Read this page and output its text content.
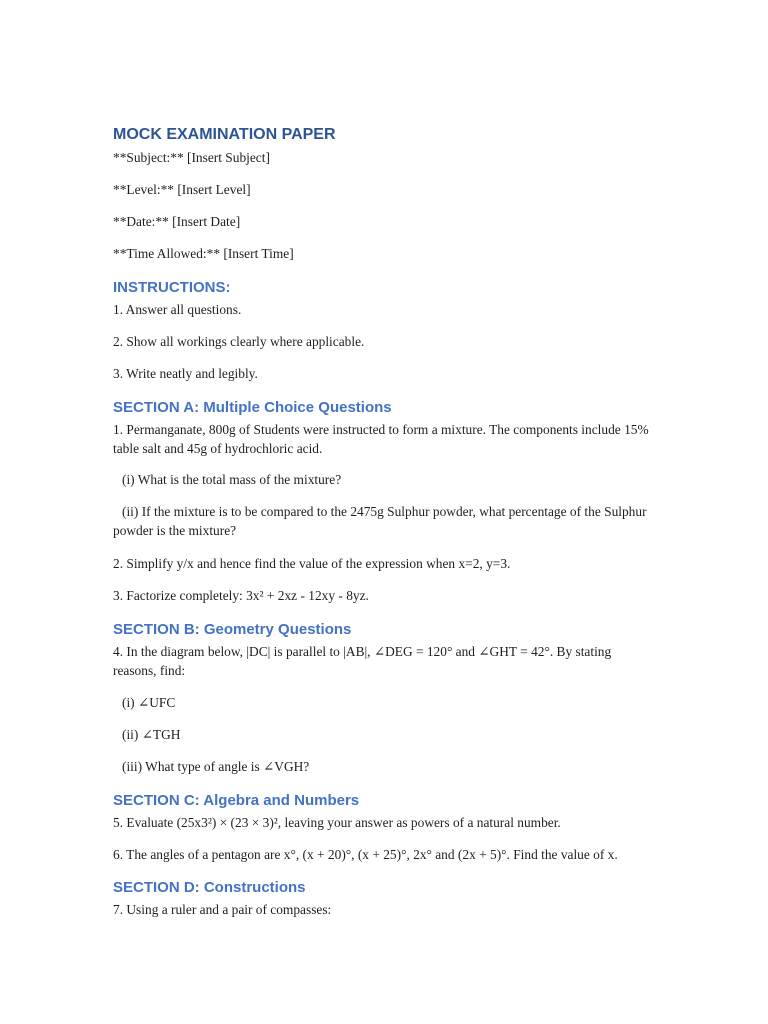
MOCK EXAMINATION PAPER

**Subject:** [Insert Subject]

**Level:** [Insert Level]

**Date:** [Insert Date]

**Time Allowed:** [Insert Time]

INSTRUCTIONS:

1. Answer all questions.

2. Show all workings clearly where applicable.

3. Write neatly and legibly.

SECTION A: Multiple Choice Questions

1. Permanganate, 800g of Students were instructed to form a mixture. The components include 15% table salt and 45g of hydrochloric acid.

(i) What is the total mass of the mixture?

(ii) If the mixture is to be compared to the 2475g Sulphur powder, what percentage of the Sulphur powder is the mixture?

2. Simplify y/x and hence find the value of the expression when x=2, y=3.

3. Factorize completely: 3x² + 2xz - 12xy - 8yz.

SECTION B: Geometry Questions

4. In the diagram below, |DC| is parallel to |AB|, ∠DEG = 120° and ∠GHT = 42°. By stating reasons, find:

(i) ∠UFC

(ii) ∠TGH

(iii) What type of angle is ∠VGH?

SECTION C: Algebra and Numbers

5. Evaluate (25x3²) × (23 × 3)², leaving your answer as powers of a natural number.

6. The angles of a pentagon are x°, (x + 20)°, (x + 25)°, 2x° and (2x + 5)°. Find the value of x.

SECTION D: Constructions

7. Using a ruler and a pair of compasses:
